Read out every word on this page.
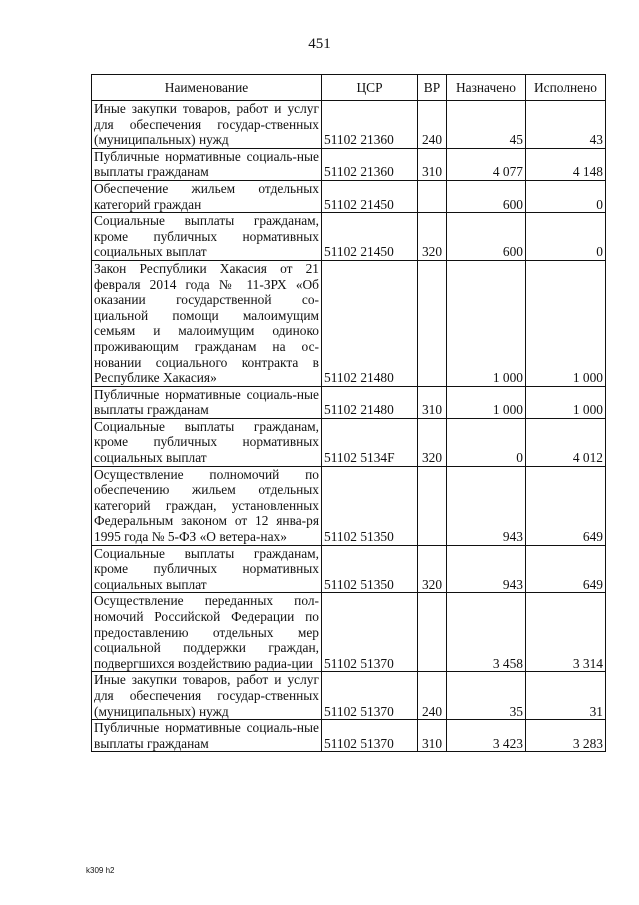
451
Наименование	ЦСР	ВР	Назначено	Исполнено
Иные закупки товаров, работ и услуг для обеспечения государ-ственных (муниципальных) нужд	51102 21360	240	45	43
Публичные нормативные социаль-ные выплаты гражданам	51102 21360	310	4 077	4 148
Обеспечение жильем отдельных категорий граждан	51102 21450		600	0
Социальные выплаты гражданам, кроме публичных нормативных социальных выплат	51102 21450	320	600	0
Закон Республики Хакасия от 21 февраля 2014 года № 11-ЗРХ «Об оказании государственной со-циальной помощи малоимущим семьям и малоимущим одиноко проживающим гражданам на ос-новании социального контракта в Республике Хакасия»	51102 21480		1 000	1 000
Публичные нормативные социаль-ные выплаты гражданам	51102 21480	310	1 000	1 000
Социальные выплаты гражданам, кроме публичных нормативных социальных выплат	51102 5134F	320	0	4 012
Осуществление полномочий по обеспечению жильем отдельных категорий граждан, установленных Федеральным законом от 12 янва-ря 1995 года № 5-ФЗ «О ветера-нах»	51102 51350		943	649
Социальные выплаты гражданам, кроме публичных нормативных социальных выплат	51102 51350	320	943	649
Осуществление переданных пол-номочий Российской Федерации по предоставлению отдельных мер социальной поддержки граждан, подвергшихся воздействию радиа-ции	51102 51370		3 458	3 314
Иные закупки товаров, работ и услуг для обеспечения государ-ственных (муниципальных) нужд	51102 51370	240	35	31
Публичные нормативные социаль-ные выплаты гражданам	51102 51370	310	3 423	3 283
k309 h2
